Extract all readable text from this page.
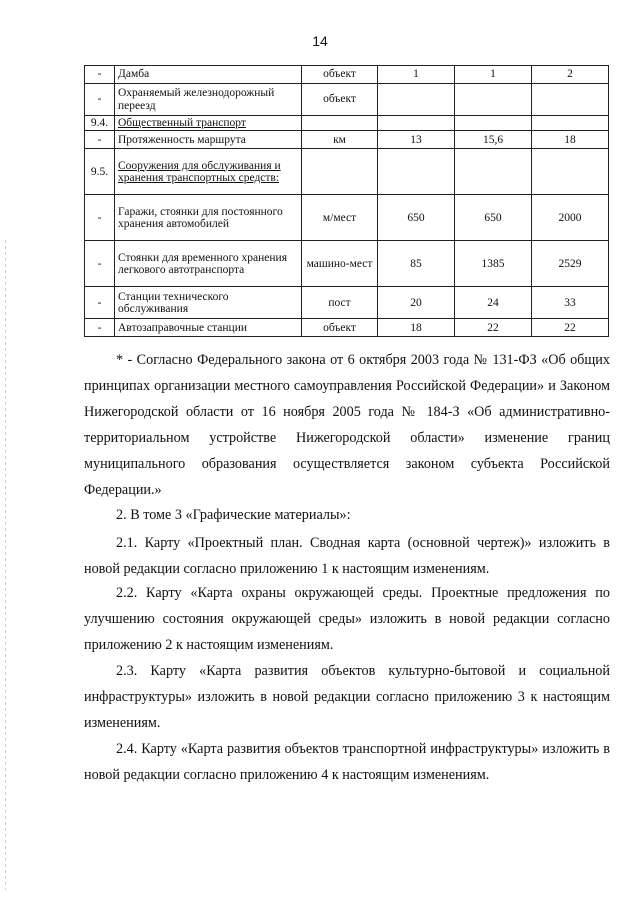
14
-	Дамба	объект	1	1	2
-	Охраняемый железнодорожный переезд	объект			
9.4.	Общественный транспорт				
-	Протяженность маршрута	км	13	15,6	18
9.5.	Сооружения для обслуживания и хранения транспортных средств:				
-	Гаражи, стоянки для постоянного хранения автомобилей	м/мест	650	650	2000
-	Стоянки для временного хранения легкового автотранспорта	машино-мест	85	1385	2529
-	Станции технического обслуживания	пост	20	24	33
-	Автозаправочные станции	объект	18	22	22

* - Согласно Федерального закона от 6 октября 2003 года № 131-ФЗ «Об общих принципах организации местного самоуправления Российской Федерации» и Законом Нижегородской области от 16 ноября 2005 года № 184-З «Об административно-территориальном устройстве Нижегородской области» изменение границ муниципального образования осуществляется законом субъекта Российской Федерации.»

2. В томе 3 «Графические материалы»:

2.1. Карту «Проектный план. Сводная карта (основной чертеж)» изложить в новой редакции согласно приложению 1 к настоящим изменениям.

2.2. Карту «Карта охраны окружающей среды. Проектные предложения по улучшению состояния окружающей среды» изложить в новой редакции согласно приложению 2 к настоящим изменениям.

2.3. Карту «Карта развития объектов культурно-бытовой и социальной инфраструктуры» изложить в новой редакции согласно приложению 3 к настоящим изменениям.

2.4. Карту «Карта развития объектов транспортной инфраструктуры» изложить в новой редакции согласно приложению 4 к настоящим изменениям.
